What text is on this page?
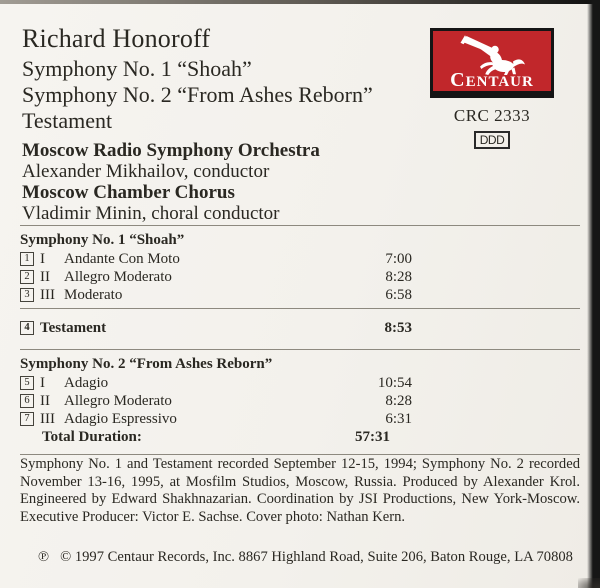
Richard Honoroff
Symphony No. 1 “Shoah”
Symphony No. 2 “From Ashes Reborn”
Testament
Moscow Radio Symphony Orchestra
Alexander Mikhailov, conductor
Moscow Chamber Chorus
Vladimir Minin, choral conductor
CENTAUR
CRC 2333
DDD
Symphony No. 1 “Shoah”
1 I	Andante Con Moto	7:00
2 II Allegro Moderato	8:28
3 III Moderato	6:58
4 Testament	8:53
Symphony No. 2 “From Ashes Reborn”
5 I	Adagio	10:54
6 II Allegro Moderato	8:28
7 III Adagio Espressivo	6:31
Total Duration:	57:31
Symphony No. 1 and Testament recorded September 12-15, 1994; Symphony No. 2 recorded November 13-16, 1995, at Mosfilm Studios, Moscow, Russia. Produced by Alexander Krol. Engineered by Edward Shakhnazarian. Coordination by JSI Productions, New York-Moscow. Executive Producer: Victor E. Sachse. Cover photo: Nathan Kern.
℗ © 1997 Centaur Records, Inc. 8867 Highland Road, Suite 206, Baton Rouge, LA 70808
